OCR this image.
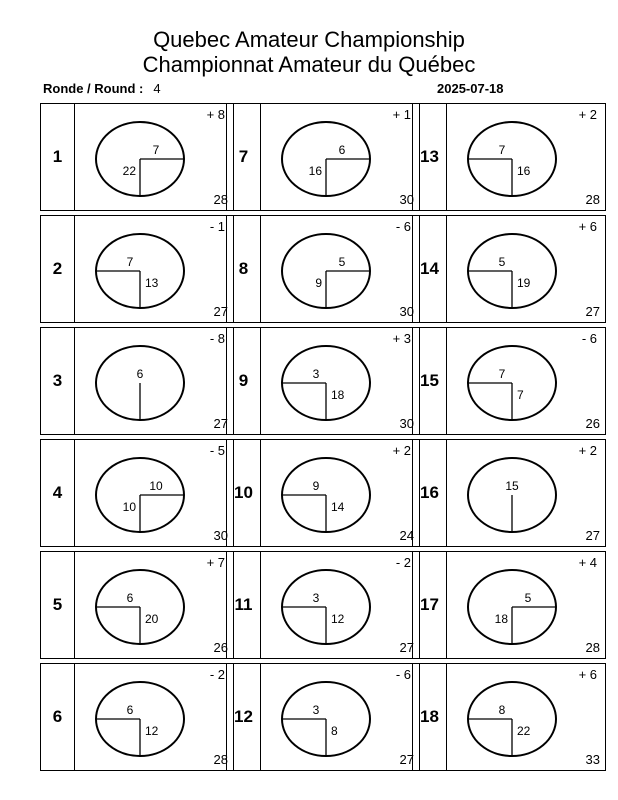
Quebec Amateur Championship
Championnat Amateur du Québec
Ronde / Round : 4	2025-07-18
1
+ 8
28
7
22
2
- 1
27
7
13
3
- 8
27
6
4
- 5
30
10
10
5
+ 7
26
6
20
6
- 2
28
6
12
7
+ 1
30
6
16
8
- 6
30
5
9
9
+ 3
30
3
18
10
+ 2
24
9
14
11
- 2
27
3
12
12
- 6
27
3
8
13
+ 2
28
7
16
14
+ 6
27
5
19
15
- 6
26
7
7
16
+ 2
27
15
17
+ 4
28
5
18
18
+ 6
33
8
22
